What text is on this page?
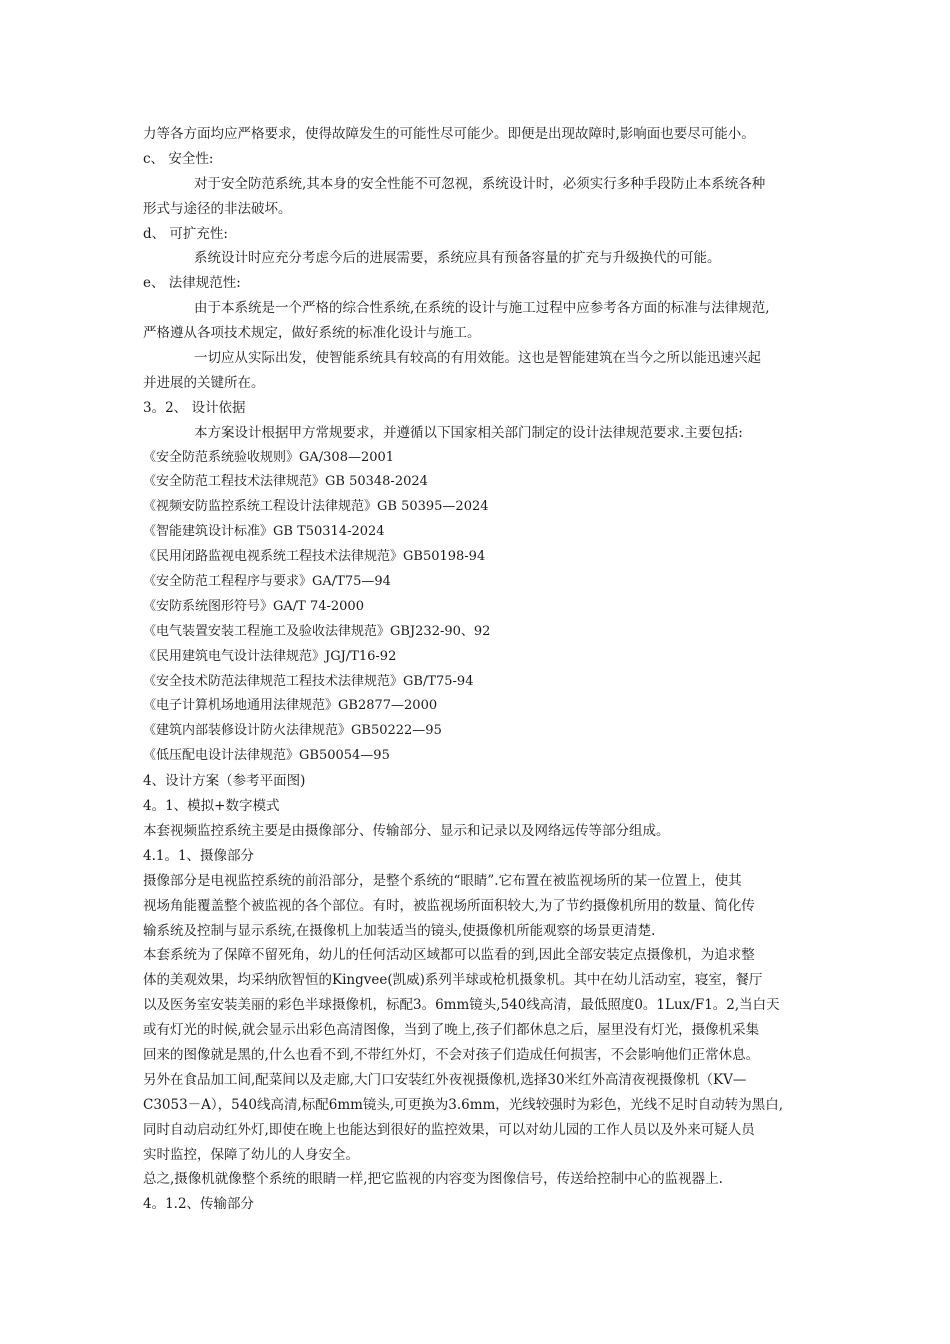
力等各方面均应严格要求，使得故障发生的可能性尽可能少。即便是出现故障时,影响面也要尽可能小。
c、 安全性:
对于安全防范系统,其本身的安全性能不可忽视，系统设计时，必须实行多种手段防止本系统各种
形式与途径的非法破坏。
d、 可扩充性:
系统设计时应充分考虑今后的进展需要，系统应具有预备容量的扩充与升级换代的可能。
e、 法律规范性:
由于本系统是一个严格的综合性系统,在系统的设计与施工过程中应参考各方面的标准与法律规范,
严格遵从各项技术规定，做好系统的标准化设计与施工。
一切应从实际出发，使智能系统具有较高的有用效能。这也是智能建筑在当今之所以能迅速兴起
并进展的关键所在。
3。2、 设计依据
本方案设计根据甲方常规要求，并遵循以下国家相关部门制定的设计法律规范要求.主要包括:
《安全防范系统验收规则》GA/308—2001
《安全防范工程技术法律规范》GB 50348-2024
《视频安防监控系统工程设计法律规范》GB 50395—2024
《智能建筑设计标准》GB T50314-2024
《民用闭路监视电视系统工程技术法律规范》GB50198-94
《安全防范工程程序与要求》GA/T75—94
《安防系统图形符号》GA/T 74-2000
《电气装置安装工程施工及验收法律规范》GBJ232-90、92
《民用建筑电气设计法律规范》JGJ/T16-92
《安全技术防范法律规范工程技术法律规范》GB/T75-94
《电子计算机场地通用法律规范》GB2877—2000
《建筑内部装修设计防火法律规范》GB50222—95
《低压配电设计法律规范》GB50054—95
4、设计方案（参考平面图)
4。1、模拟+数字模式
本套视频监控系统主要是由摄像部分、传输部分、显示和记录以及网络远传等部分组成。
4.1。1、摄像部分
摄像部分是电视监控系统的前沿部分，是整个系统的“眼睛”.它布置在被监视场所的某一位置上，使其
视场角能覆盖整个被监视的各个部位。有时，被监视场所面积较大,为了节约摄像机所用的数量、简化传
输系统及控制与显示系统,在摄像机上加装适当的镜头,使摄像机所能观察的场景更清楚.
本套系统为了保障不留死角，幼儿的任何活动区域都可以监看的到,因此全部安装定点摄像机，为追求整
体的美观效果，均采纳欣智恒的Kingvee(凯威)系列半球或枪机摄象机。其中在幼儿活动室，寝室，餐厅
以及医务室安装美丽的彩色半球摄像机，标配3。6mm镜头,540线高清，最低照度0。1Lux/F1。2,当白天
或有灯光的时候,就会显示出彩色高清图像，当到了晚上,孩子们都休息之后，屋里没有灯光，摄像机采集
回来的图像就是黑的,什么也看不到,不带红外灯，不会对孩子们造成任何损害，不会影响他们正常休息。
另外在食品加工间,配菜间以及走廊,大门口安装红外夜视摄像机,选择30米红外高清夜视摄像机（KV—
C3053－A），540线高清,标配6mm镜头,可更换为3.6mm，光线较强时为彩色，光线不足时自动转为黑白,
同时自动启动红外灯,即使在晚上也能达到很好的监控效果，可以对幼儿园的工作人员以及外来可疑人员
实时监控，保障了幼儿的人身安全。
总之,摄像机就像整个系统的眼睛一样,把它监视的内容变为图像信号，传送给控制中心的监视器上.
4。1.2、传输部分
